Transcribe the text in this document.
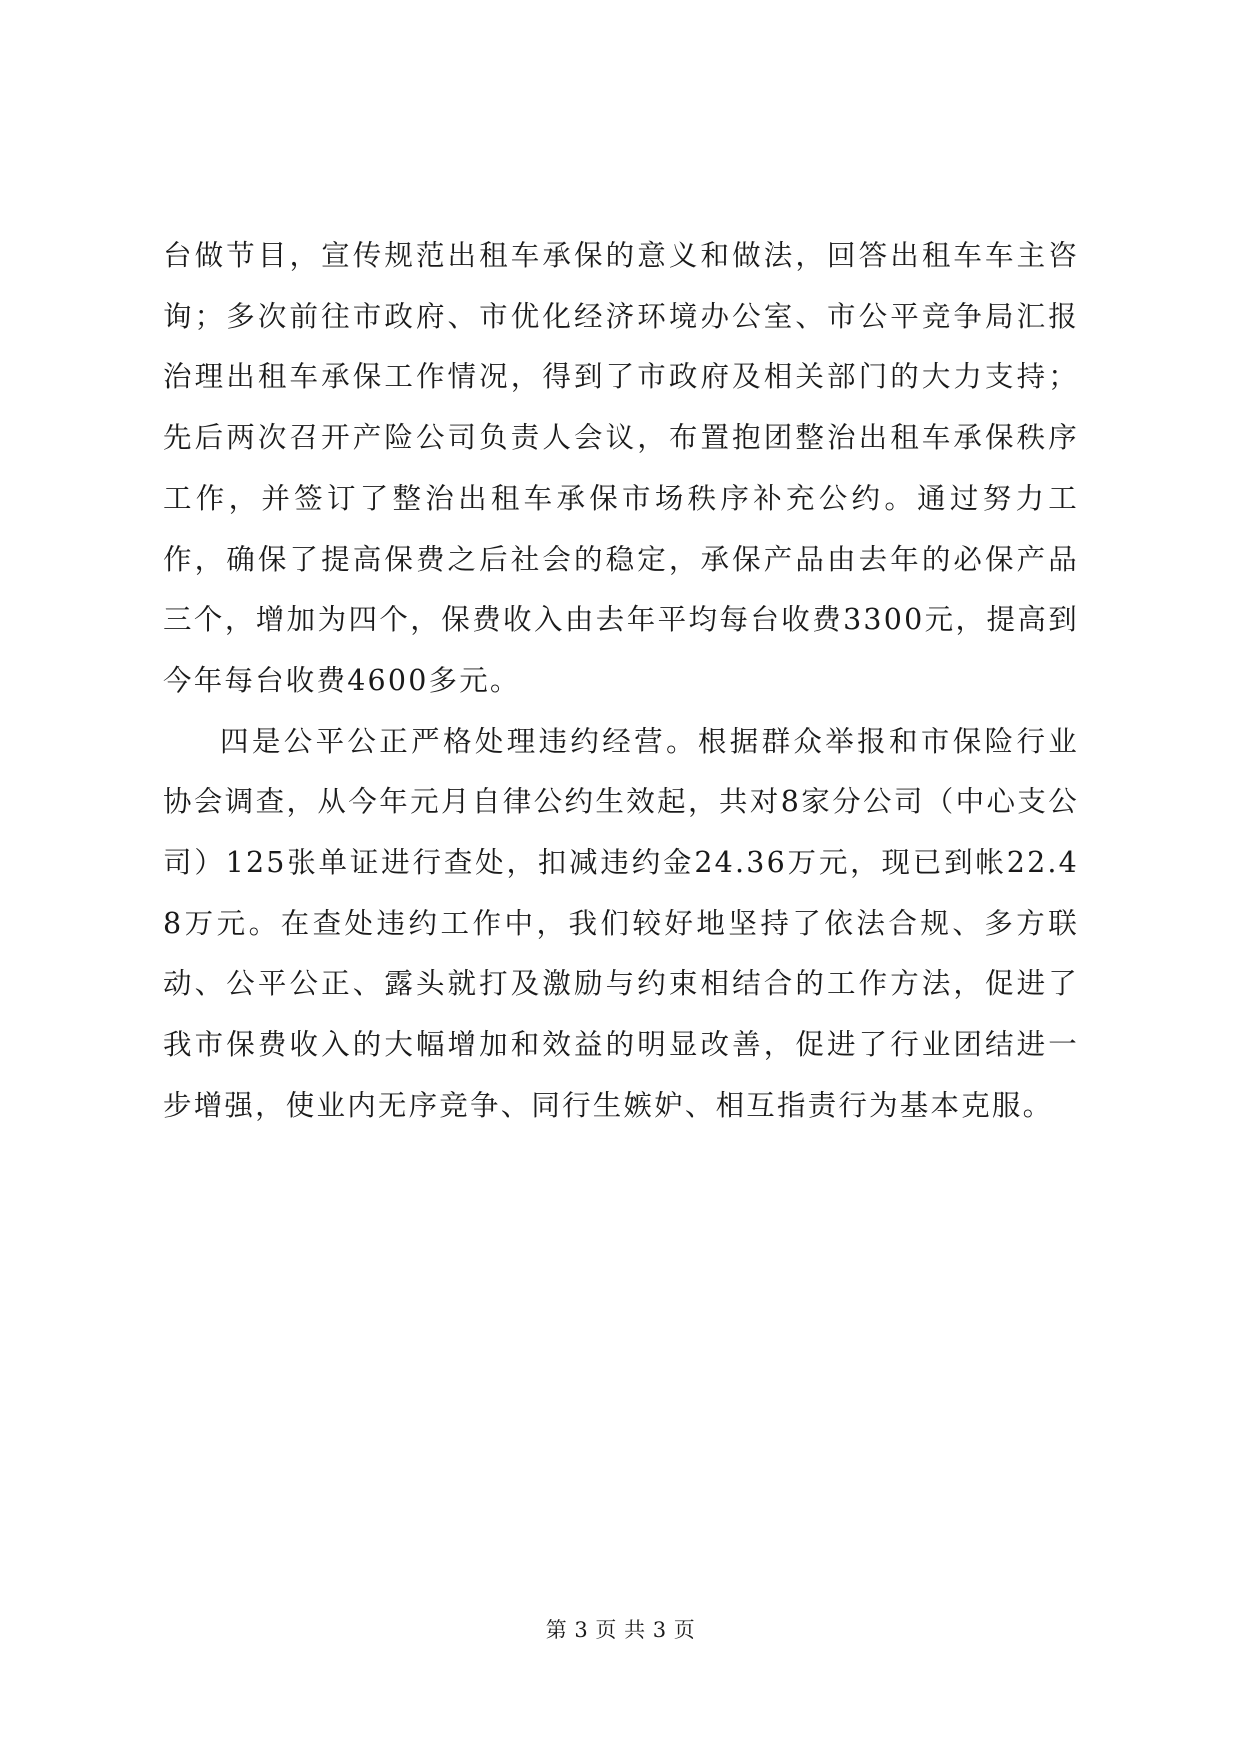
台做节目，宣传规范出租车承保的意义和做法，回答出租车车主咨询；多次前往市政府、市优化经济环境办公室、市公平竞争局汇报治理出租车承保工作情况，得到了市政府及相关部门的大力支持；先后两次召开产险公司负责人会议，布置抱团整治出租车承保秩序工作，并签订了整治出租车承保市场秩序补充公约。通过努力工作，确保了提高保费之后社会的稳定，承保产品由去年的必保产品三个，增加为四个，保费收入由去年平均每台收费3300元，提高到今年每台收费4600多元。

四是公平公正严格处理违约经营。根据群众举报和市保险行业协会调查，从今年元月自律公约生效起，共对8家分公司（中心支公司）125张单证进行查处，扣减违约金24.36万元，现已到帐22.48万元。在查处违约工作中，我们较好地坚持了依法合规、多方联动、公平公正、露头就打及激励与约束相结合的工作方法，促进了我市保费收入的大幅增加和效益的明显改善，促进了行业团结进一步增强，使业内无序竞争、同行生嫉妒、相互指责行为基本克服。

第 3 页 共 3 页
